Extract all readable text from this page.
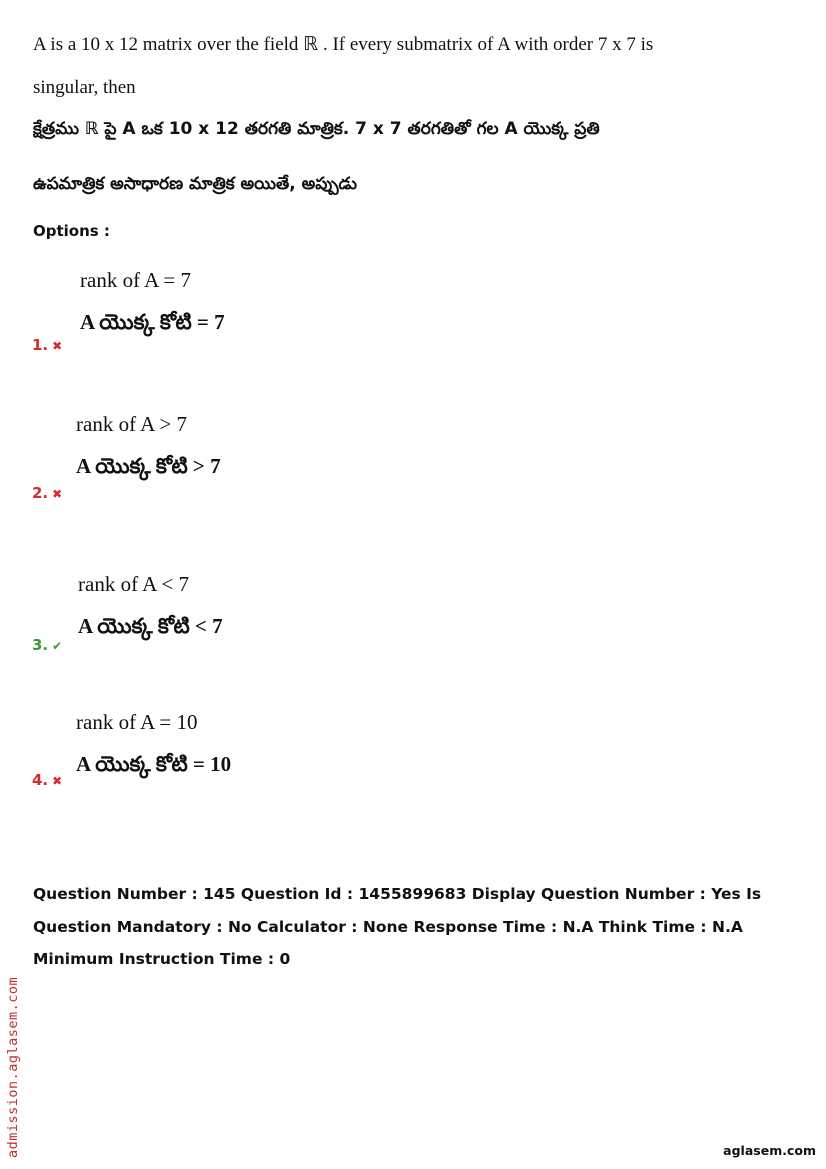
A is a 10 x 12 matrix over the field ℝ . If every submatrix of A with order 7 x 7 is
singular, then
క్షేత్రము ℝ పై A ఒక 10 x 12 తరగతి మాత్రిక. 7 x 7 తరగతితో గల A యొక్క ప్రతి
ఉపమాత్రిక అసాధారణ మాత్రిక అయితే, అప్పుడు
Options :
rank of A = 7
A యొక్క కోటి = 7
1. ✖
rank of A > 7
A యొక్క కోటి > 7
2. ✖
rank of A < 7
A యొక్క కోటి < 7
3. ✔
rank of A = 10
A యొక్క కోటి = 10
4. ✖
Question Number : 145 Question Id : 1455899683 Display Question Number : Yes Is Question Mandatory : No Calculator : None Response Time : N.A Think Time : N.A Minimum Instruction Time : 0
admission.aglasem.com	aglasem.com
